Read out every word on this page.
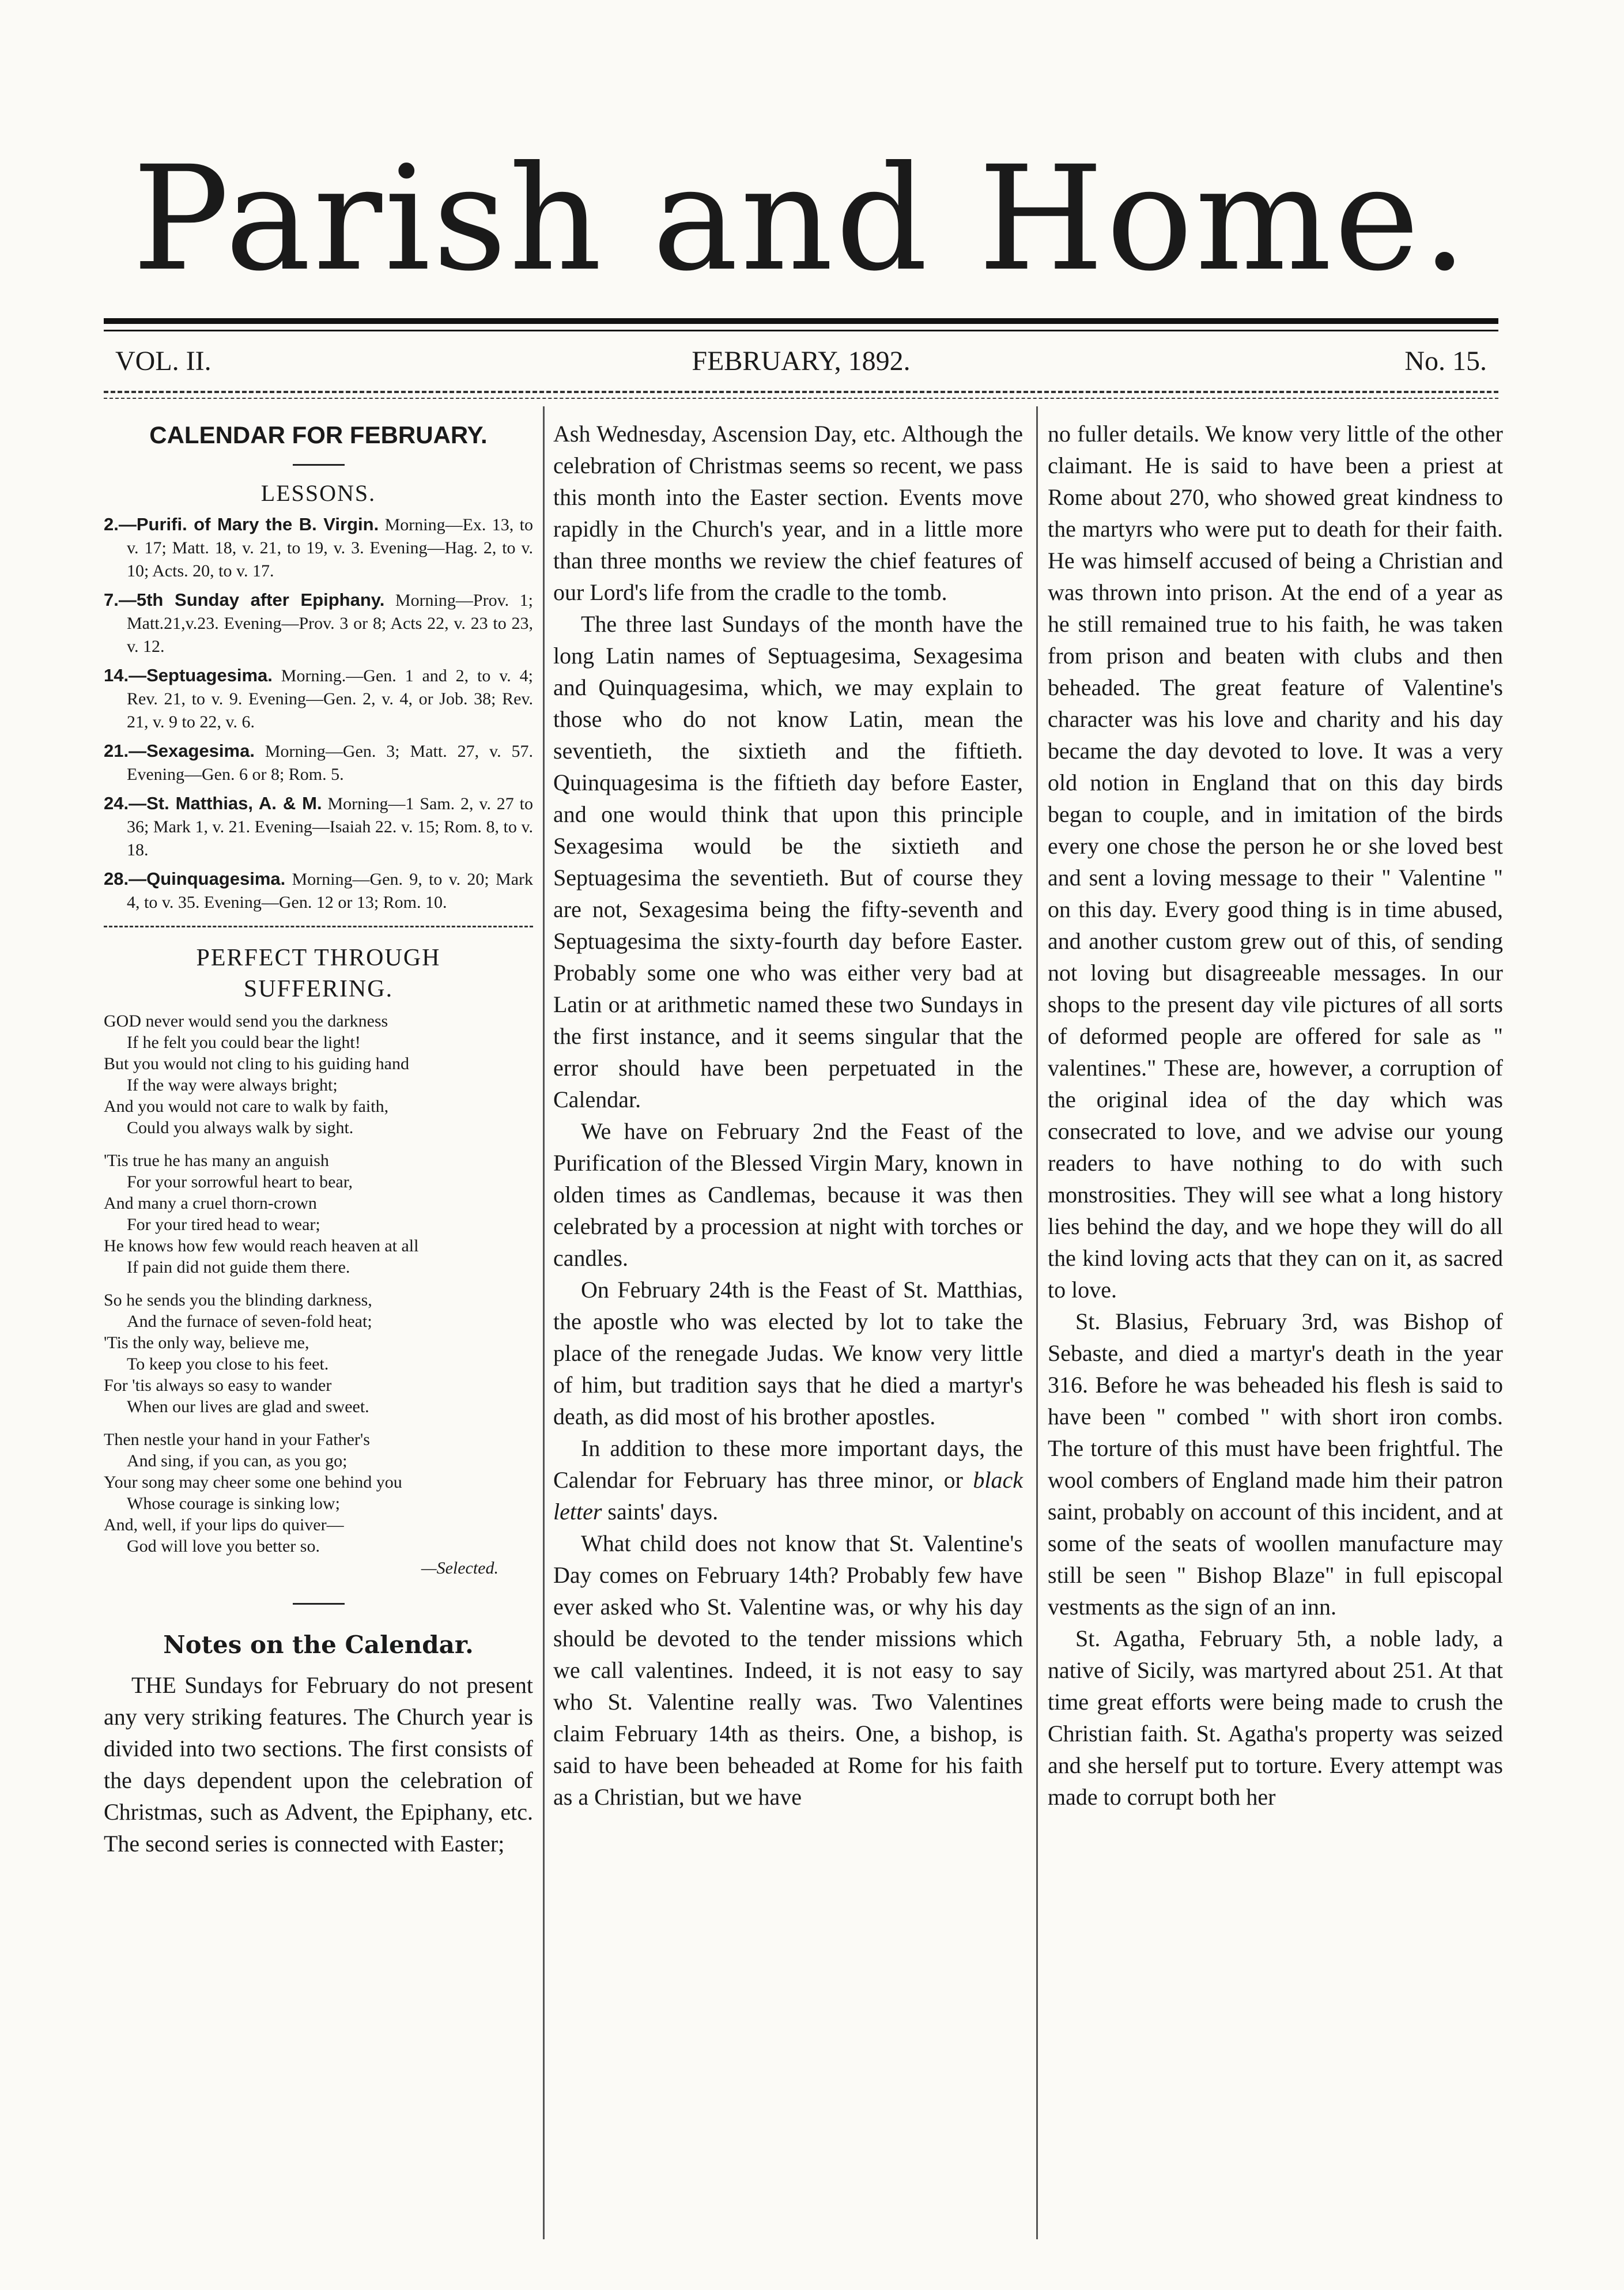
Parish and Home.
VOL. II.	FEBRUARY, 1892.	No. 15.
CALENDAR FOR FEBRUARY.
LESSONS.
2.—Purifi. of Mary the B. Virgin. Morning—Ex. 13, to v. 17; Matt. 18, v. 21, to 19, v. 3. Evening—Hag. 2, to v. 10; Acts. 20, to v. 17.
7.—5th Sunday after Epiphany. Morning—Prov. 1; Matt.21,v.23. Evening—Prov. 3 or 8; Acts 22, v. 23 to 23, v. 12.
14.—Septuagesima. Morning.—Gen. 1 and 2, to v. 4; Rev. 21, to v. 9. Evening—Gen. 2, v. 4, or Job. 38; Rev. 21, v. 9 to 22, v. 6.
21.—Sexagesima. Morning—Gen. 3; Matt. 27, v. 57. Evening—Gen. 6 or 8; Rom. 5.
24.—St. Matthias, A. & M. Morning—1 Sam. 2, v. 27 to 36; Mark 1, v. 21. Evening—Isaiah 22. v. 15; Rom. 8, to v. 18.
28.—Quinquagesima. Morning—Gen. 9, to v. 20; Mark 4, to v. 35. Evening—Gen. 12 or 13; Rom. 10.
PERFECT THROUGH
SUFFERING.
GOD never would send you the darkness
If he felt you could bear the light!
But you would not cling to his guiding hand
If the way were always bright;
And you would not care to walk by faith,
Could you always walk by sight.
'Tis true he has many an anguish
For your sorrowful heart to bear,
And many a cruel thorn-crown
For your tired head to wear;
He knows how few would reach heaven at all
If pain did not guide them there.
So he sends you the blinding darkness,
And the furnace of seven-fold heat;
'Tis the only way, believe me,
To keep you close to his feet.
For 'tis always so easy to wander
When our lives are glad and sweet.
Then nestle your hand in your Father's
And sing, if you can, as you go;
Your song may cheer some one behind you
Whose courage is sinking low;
And, well, if your lips do quiver—
God will love you better so.
—Selected.
Notes on the Calendar.

THE Sundays for February do not present any very striking features. The Church year is divided into two sections. The first consists of the days dependent upon the celebration of Christmas, such as Advent, the Epiphany, etc. The second series is connected with Easter;

Ash Wednesday, Ascension Day, etc. Although the celebration of Christmas seems so recent, we pass this month into the Easter section. Events move rapidly in the Church's year, and in a little more than three months we review the chief features of our Lord's life from the cradle to the tomb.

The three last Sundays of the month have the long Latin names of Septuagesima, Sexagesima and Quinquagesima, which, we may explain to those who do not know Latin, mean the seventieth, the sixtieth and the fiftieth. Quinquagesima is the fiftieth day before Easter, and one would think that upon this principle Sexagesima would be the sixtieth and Septuagesima the seventieth. But of course they are not, Sexagesima being the fifty-seventh and Septuagesima the sixty-fourth day before Easter. Probably some one who was either very bad at Latin or at arithmetic named these two Sundays in the first instance, and it seems singular that the error should have been perpetuated in the Calendar.

We have on February 2nd the Feast of the Purification of the Blessed Virgin Mary, known in olden times as Candlemas, because it was then celebrated by a procession at night with torches or candles.

On February 24th is the Feast of St. Matthias, the apostle who was elected by lot to take the place of the renegade Judas. We know very little of him, but tradition says that he died a martyr's death, as did most of his brother apostles.

In addition to these more important days, the Calendar for February has three minor, or black letter saints' days.

What child does not know that St. Valentine's Day comes on February 14th? Probably few have ever asked who St. Valentine was, or why his day should be devoted to the tender missions which we call valentines. Indeed, it is not easy to say who St. Valentine really was. Two Valentines claim February 14th as theirs. One, a bishop, is said to have been beheaded at Rome for his faith as a Christian, but we have

no fuller details. We know very little of the other claimant. He is said to have been a priest at Rome about 270, who showed great kindness to the martyrs who were put to death for their faith. He was himself accused of being a Christian and was thrown into prison. At the end of a year as he still remained true to his faith, he was taken from prison and beaten with clubs and then beheaded. The great feature of Valentine's character was his love and charity and his day became the day devoted to love. It was a very old notion in England that on this day birds began to couple, and in imitation of the birds every one chose the person he or she loved best and sent a loving message to their " Valentine " on this day. Every good thing is in time abused, and another custom grew out of this, of sending not loving but disagreeable messages. In our shops to the present day vile pictures of all sorts of deformed people are offered for sale as " valentines." These are, however, a corruption of the original idea of the day which was consecrated to love, and we advise our young readers to have nothing to do with such monstrosities. They will see what a long history lies behind the day, and we hope they will do all the kind loving acts that they can on it, as sacred to love.

St. Blasius, February 3rd, was Bishop of Sebaste, and died a martyr's death in the year 316. Before he was beheaded his flesh is said to have been " combed " with short iron combs. The torture of this must have been frightful. The wool combers of England made him their patron saint, probably on account of this incident, and at some of the seats of woollen manufacture may still be seen " Bishop Blaze" in full episcopal vestments as the sign of an inn.

St. Agatha, February 5th, a noble lady, a native of Sicily, was martyred about 251. At that time great efforts were being made to crush the Christian faith. St. Agatha's property was seized and she herself put to torture. Every attempt was made to corrupt both her
